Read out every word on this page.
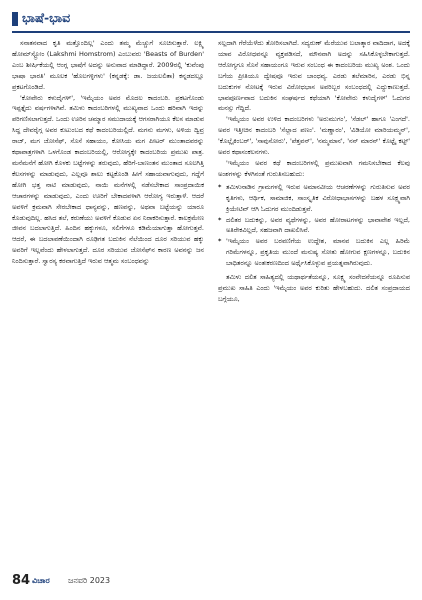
ಭಾಷೆ-ಭಾವ

ಸನಾತನವಾದ ಕೃತಿ ಮತ್ತೊಂದಿಲ್ಲ' ಎಂದು ತಮ್ಮ ಮೆಚ್ಚುಗೆ ಸೂಚಿಸುತ್ತಾರೆ. ಲಕ್ಷ್ಮಿ ಹೋಮ್‌ಸ್ಟ್ರೋಂ (Lakshmi Homstrom) ಎಂಬುವರು 'Beasts of Burden' ಎಂಬ ಶೀರ್ಷಿಕೆಯಲ್ಲಿ ಆಂಗ್ಲ ಭಾಷೆಗೆ ಅದನ್ನು ಅನುವಾದ ಮಾಡಿದ್ದಾರೆ. 2009ರಲ್ಲಿ 'ಕುವೆಂಪು ಭಾಷಾ ಭಾರತಿ' ಮೂಲಕ 'ಹೊಲಗಳ್ಳಿಗಳು' (ಕನ್ನಡಕ್ಕೆ: ಡಾ. ಜಯಲಲಿತಾ) ಕನ್ನಡದಲ್ಲೂ ಪ್ರಕಟಗೊಂಡಿದೆ.

'ಕೋವೇರು ಕಳುದೈಗಳ್', 'ಇಮೈಯಂ ಅವರ ಮೊದಲ ಕಾದಂಬರಿ. ಪ್ರಕಟಗೊಂಡು ಇಪ್ಪತ್ತೈದು ವರ್ಷಗಳಾಗಿವೆ. ತಮಿಳು ಕಾದಂಬರಿಗಳಲ್ಲಿ ಮುಖ್ಯವಾದ ಒಂದು ಹರಿವಾಗಿ ಇದನ್ನು ಪರಿಗಣಿಸಲಾಗುತ್ತದೆ. ಒಂದು ಊರಿನ ಚಮ್ಮಾರ ಸಮುದಾಯಕ್ಕೆ ಆಗಸರಾಗಿಯೂ ಕೆಲಸ ಮಾಡುವ ಸಿದ್ಧ ದೇವರೈಗ್ಗ ಅವರ ಕುಟುಂಬದ ಕಥೆ ಕಾದಂಬರಿಯಲ್ಲಿದೆ. ಮಗನು ಮಗಳು, ಅಳಿಯ ದ್ವಿವ್ರ ರಾಜ್, ಮಗ ಜೋಸೆಫ್, ಸೊಸೆ ಸಹಾಯಂ, ಕೋಸಿಯ ಮಗ ಪೀಟರ್ ಮುಂತಾದವರನ್ನು ಕಥಾಪಾತ್ರಗಳಾಗಿ ಒಳಗೊಂಡ ಕಾದಂಬರಿಯಲ್ಲಿ, ಆರೋಗ್ಯಕ್ಕೇ ಕಾದಂಬರಿಯ ಪ್ರಮುಖ ಪಾತ್ರ. ಮನೆಮನೆಗೆ ಹೋಗಿ ಕೊಳಕು ಬಟ್ಟೆಗಳನ್ನು ತರುವುದು, ಹೆರಿಗೆ-ಬಾಣಂತನ ಮುಂತಾದ ಸೂಲಗಿತ್ತಿ ಕೆಲಸಗಳನ್ನು ಮಾಡುವುದು, ಎಲ್ಲವೂ ಶಾಲು ಕಟ್ಟಕೊಂಡಿ ಹೀಗೆ ಸಹಾಯವಾಗುವುದು, ಗದ್ದೆಗೆ ಹೋಗಿ ಭತ್ತ ನಾಟಿ ಮಾಡುವುದು, ನಾಯಿ ಮನೆಗಳಲ್ಲಿ ನಡೆಸಬೇಕಾದ ಸಾಂಪ್ರದಾಯಿಕ ಆಚಾರಗಳನ್ನು ಮಾಡುವುದು, ಎಂದು ಊರಿಗೆ ಬೇಕಾದವಳಾಗಿ ಆರೋಗ್ಯ ಇರುತ್ತಾಳೆ. ಆದರೆ ಅವಳಿಗೆ ಕ್ರಮವಾಗಿ ಸೇರಬೇಕಾದ ಧಾನ್ಯವನ್ನು, ಹಣವನ್ನು, ಅಥವಾ ಬಟ್ಟೆಯನ್ನು ಯಾರೂ ಕೊಡುವುದಿಲ್ಲ. ಹಸಿದ ತಲೆ, ಕರುಣೆಯು ಅವಳಿಗೆ ಕೊಡುವ ಏನ ನಿರಾಕರಿಸುತ್ತಾರೆ. ಕಾಲಕ್ರಮೇಣ ಜೀವನ ಬದಲಾಗುತ್ತಿದೆ. ಹಿಂದಿನ ಹಕ್ಕುಗಳೂ, ಸಲಿಗೆಗಳೂ ಕಡಿಮೆಯಾಗುತ್ತಾ ಹೋಗುತ್ತವೆ. ಆದರೆ, ಈ ಬದಲಾವಣೆಯಿಂದಾಗಿ ರೂಢಿಗತ ಬದುಕಿನ ನೆಲೆಯಿಂದ ದೂರ ಸರಿಯುವ ಹಕ್ಕು ಅವರಿಗೆ ಇಲ್ಲವೆಂದು ಹೇಳಲಾಗುತ್ತದೆ. ದೂರ ಸರಿಯುವ ಜೋಸೆಫ್‌ನ ಕಾರಣ ಅವನನ್ನು ಜನ ನಿಂದಿಸುತ್ತಾರೆ. ಸ್ವಾರಸ್ಯ ಕರವಾಗುತ್ತಿದೆ ಇರುವ ಆತ್ಮಮ ಸಂಬಂಧವನ್ನು

ಸಲ್ಲದಾಗಿ ಗೆರೆಯೆಳೆದು ತೋರಿಸಲಾಗಿದೆ. ಸದ್ಯರುಣ್ ಮೆರೆಯುವ ಬಲಾತ್ಕಾರ ವಾದಿದಾಗ, ಅದಕ್ಕೆ ಯಾವ ವಿರೋಧವನ್ನೂ ವ್ಯಕ್ತಪಡಿಸದೆ, ಮೌನವಾಗಿ ಅದನ್ನು ಸಹಿಸಿಕೊಳ್ಳಬೇಕಾಗುತ್ತದೆ. ಆರೋಗ್ಯಗೂ ಸೊಸೆ ಸಹಾಯಂಗೂ ಇರುವ ಸಂಬಂಧ ಈ ಕಾದಂಬರಿಯ ಮುಖ್ಯ ಅಂಶ. ಒಂದು ಬಗೆಯ ಪ್ರೀತಿಯೂ ದ್ವೇಷವೂ ಇರುವ ಬಾಂಧವ್ಯ. ಎರಡು ತಲೆಮಾರಿನ, ಎರಡು ಭಿನ್ನ ಬದುಕುಗಳ ನೋಟಕ್ಕೆ ಇರುವ ವಿರೋಧಭಾಸ ಅವರಿಬ್ಬರ ಸಂಬಂಧದಲ್ಲಿ ಎದ್ದುಕಾಣುತ್ತದೆ. ಭಾವಪೂರ್ಣವಾದ ಬದುಕಿನ ಸಂಘರ್ಷದ ಕಥೆಯಾಗಿ 'ಕೋವೇರು ಕಳುದೈಗಳ್' ಓದುಗರ ಮನಸ್ಸು ಗೆದ್ದಿದೆ.

'ಇಮೈಯಂ ಅವರ ಉಳಿದ ಕಾದಂಬರಿಗಳು 'ಅರುಮುಗಂ', 'ಸೆಡಲ್' ಹಾಗೂ 'ಎಂಗದೆ'. ಅವರ ಇತ್ತೀಚಿನ ಕಾದಂಬರಿ 'ಸೆಲ್ಲಾದ ಪಣಂ'. 'ಮಣ್ಣಾರಂ', 'ವಿಡಿಯೋ ಮಾರಿಯಮ್ಮನ್', 'ಕೊಲ್ಲೈಕಿಂಬರ್', 'ಸಾವುಸೋರು', 'ಪೆತ್ತವನ್', 'ನಮ್ಮಮಾನ', 'ನನ್ ಮಾರನ್' ಕೊಟ್ಟೈ ಕಟ್ಟ್' ಅವರ ಕಥಾಸಂಕಲನಗಳು.

'ಇಮೈಯಂ ಅವರ ಕಥೆ ಕಾದಂಬರಿಗಳಲ್ಲಿ ಪ್ರಮುಖವಾಗಿ ಗಮನಿಸಬೇಕಾದ ಕೆಲವು ಅಂಶಗಳನ್ನು ಕೆಳಗಿನಂತೆ ಗುರುತಿಸಬಹುದು:

* ತಮಿಳುನಾಡಿನ ಗ್ರಾಮಗಳಲ್ಲಿ ಇರುವ ಅಮಾನವೀಯ ಆಚರಣೆಗಳನ್ನು ಗುರುತಿಸುವ ಅವರ ಕೃತಿಗಳು, ಆರ್ಥಿಕ, ಸಾಮಾಜಿಕ, ಸಾಂಸ್ಕೃತಿಕ ವಿರೋಧಾಭಾಸಗಳನ್ನು ಬಹಳ ಸೂಕ್ಷ್ಮವಾಗಿ ಕ್ರಿಯೇಟಿವ್‌ ಆಗಿ ಓದುಗರ ಮುಂದಿಡುತ್ತವೆ.
* ದಲಿತರ ಬದುಕನ್ನು, ಅವರ ವ್ಯಥೆಗಳನ್ನು, ಅವರ ಹೋರಾಟಗಳನ್ನು ಭಾವಾವೇಶ ಇಲ್ಲದೆ, ಅತಿರೇಕವಿಲ್ಲದೆ, ಸಹಜವಾಗಿ ದಾಖಲಿಸಿವೆ.
* 'ಇಮೈಯಂ ಅವರ ಬರವಣಿಗೆಯ ಉದ್ದೇಶ, ಮಾನವ ಬದುಕಿನ ಎಲ್ಲ ಹಿರಿಮೆ ಗರಿಮೆಗಳನ್ನೂ, ಪ್ರಕೃತಿಯ ಮುಂದೆ ಮನುಷ್ಯ ಸೋತು ಹೋಗುವ ಕ್ಷಣಗಳನ್ನೂ, ಬದುಕಿನ ಬಾಧಿತರನ್ನೂ ಅಂತಃಕರಣದಿಂದ ಅರ್ಥೈಸಿಕೊಳ್ಳುವ ಪ್ರಯತ್ನವಾಗಿರುವುದು.

ತಮಿಳು ದಲಿತ ಸಾಹಿತ್ಯದಲ್ಲಿ ಯಥಾರ್ಥತೆಯನ್ನೂ, ಸೂಕ್ಷ್ಮ ಸಂವೇದನೆಯನ್ನೂ ರೂಪಿಸುವ ಪ್ರಮುಖ ಸಾಹಿತಿ ಎಂದು 'ಇಮೈಯಂ ಅವರ ಕುರಿತು ಹೇಳಬಹುದು. ದಲಿತ ಸಂಪ್ರದಾಯದ ಬಗ್ಗೆಯೂ,

84 ವಿಚಾರ ಜನವರಿ 2023
